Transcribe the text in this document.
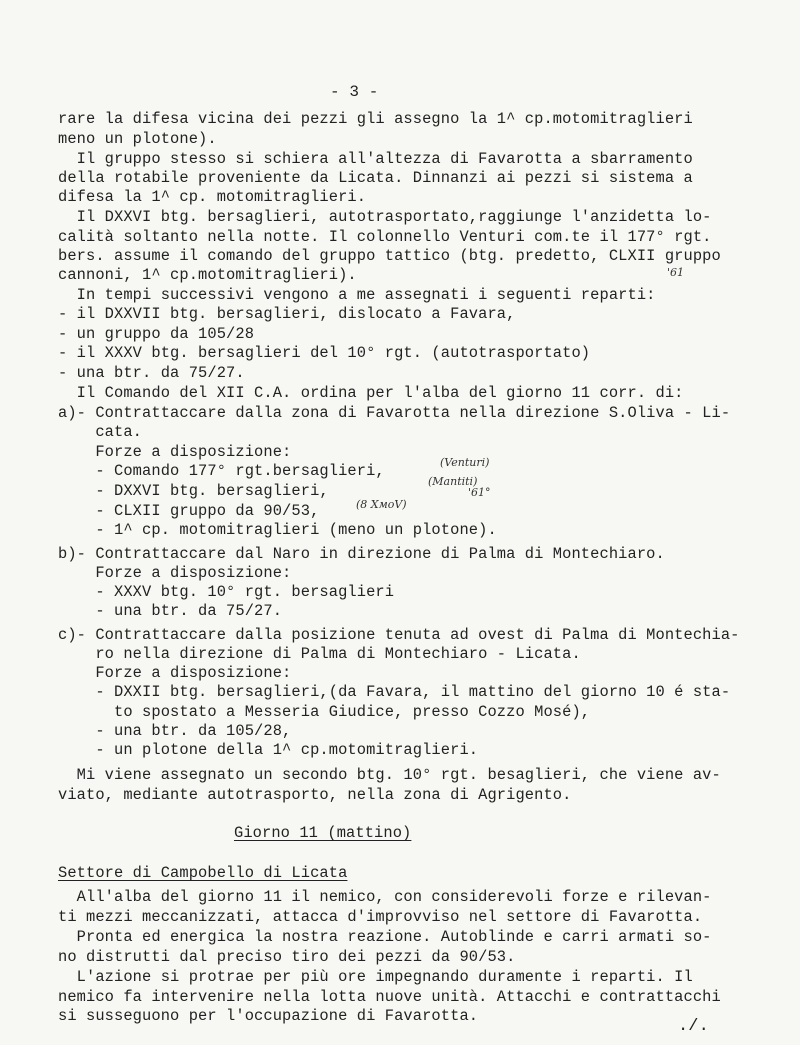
- 3 -
rare la difesa vicina dei pezzi gli assegno la 1^ cp.motomitraglieri
meno un plotone).
Il gruppo stesso si schiera all'altezza di Favarotta a sbarramento
della rotabile proveniente da Licata. Dinnanzi ai pezzi si sistema a
difesa la 1^ cp. motomitraglieri.
Il DXXVI btg. bersaglieri, autotrasportato,raggiunge l'anzidetta lo-
calità soltanto nella notte. Il colonnello Venturi com.te il 177° rgt.
bers. assume il comando del gruppo tattico (btg. predetto, CLXII gruppo
cannoni, 1^ cp.motomitraglieri).
In tempi successivi vengono a me assegnati i seguenti reparti:
- il DXXVII btg. bersaglieri, dislocato a Favara,
- un gruppo da 105/28
- il XXXV btg. bersaglieri del 10° rgt. (autotrasportato)
- una btr. da 75/27.
Il Comando del XII C.A. ordina per l'alba del giorno 11 corr. di:
a)- Contrattaccare dalla zona di Favarotta nella direzione S.Oliva - Li-
cata.
Forze a disposizione:
- Comando 177° rgt.bersaglieri,
- DXXVI btg. bersaglieri,
- CLXII gruppo da 90/53,
- 1^ cp. motomitraglieri (meno un plotone).
b)- Contrattaccare dal Naro in direzione di Palma di Montechiaro.
Forze a disposizione:
- XXXV btg. 10° rgt. bersaglieri
- una btr. da 75/27.
c)- Contrattaccare dalla posizione tenuta ad ovest di Palma di Montechia-
ro nella direzione di Palma di Montechiaro - Licata.
Forze a disposizione:
- DXXII btg. bersaglieri,(da Favara, il mattino del giorno 10 é sta-
to spostato a Messeria Giudice, presso Cozzo Mosé),
- una btr. da 105/28,
- un plotone della 1^ cp.motomitraglieri.
Mi viene assegnato un secondo btg. 10° rgt. besaglieri, che viene av-
viato, mediante autotrasporto, nella zona di Agrigento.
Giorno 11 (mattino)
Settore di Campobello di Licata
All'alba del giorno 11 il nemico, con considerevoli forze e rilevan-
ti mezzi meccanizzati, attacca d'improvviso nel settore di Favarotta.
Pronta ed energica la nostra reazione. Autoblinde e carri armati so-
no distrutti dal preciso tiro dei pezzi da 90/53.
L'azione si protrae per più ore impegnando duramente i reparti. Il
nemico fa intervenire nella lotta nuove unità. Attacchi e contrattacchi
si susseguono per l'occupazione di Favarotta.
(Venturi)
(Mantiti)
'61°
(8 ХмоV)
'61
./.
